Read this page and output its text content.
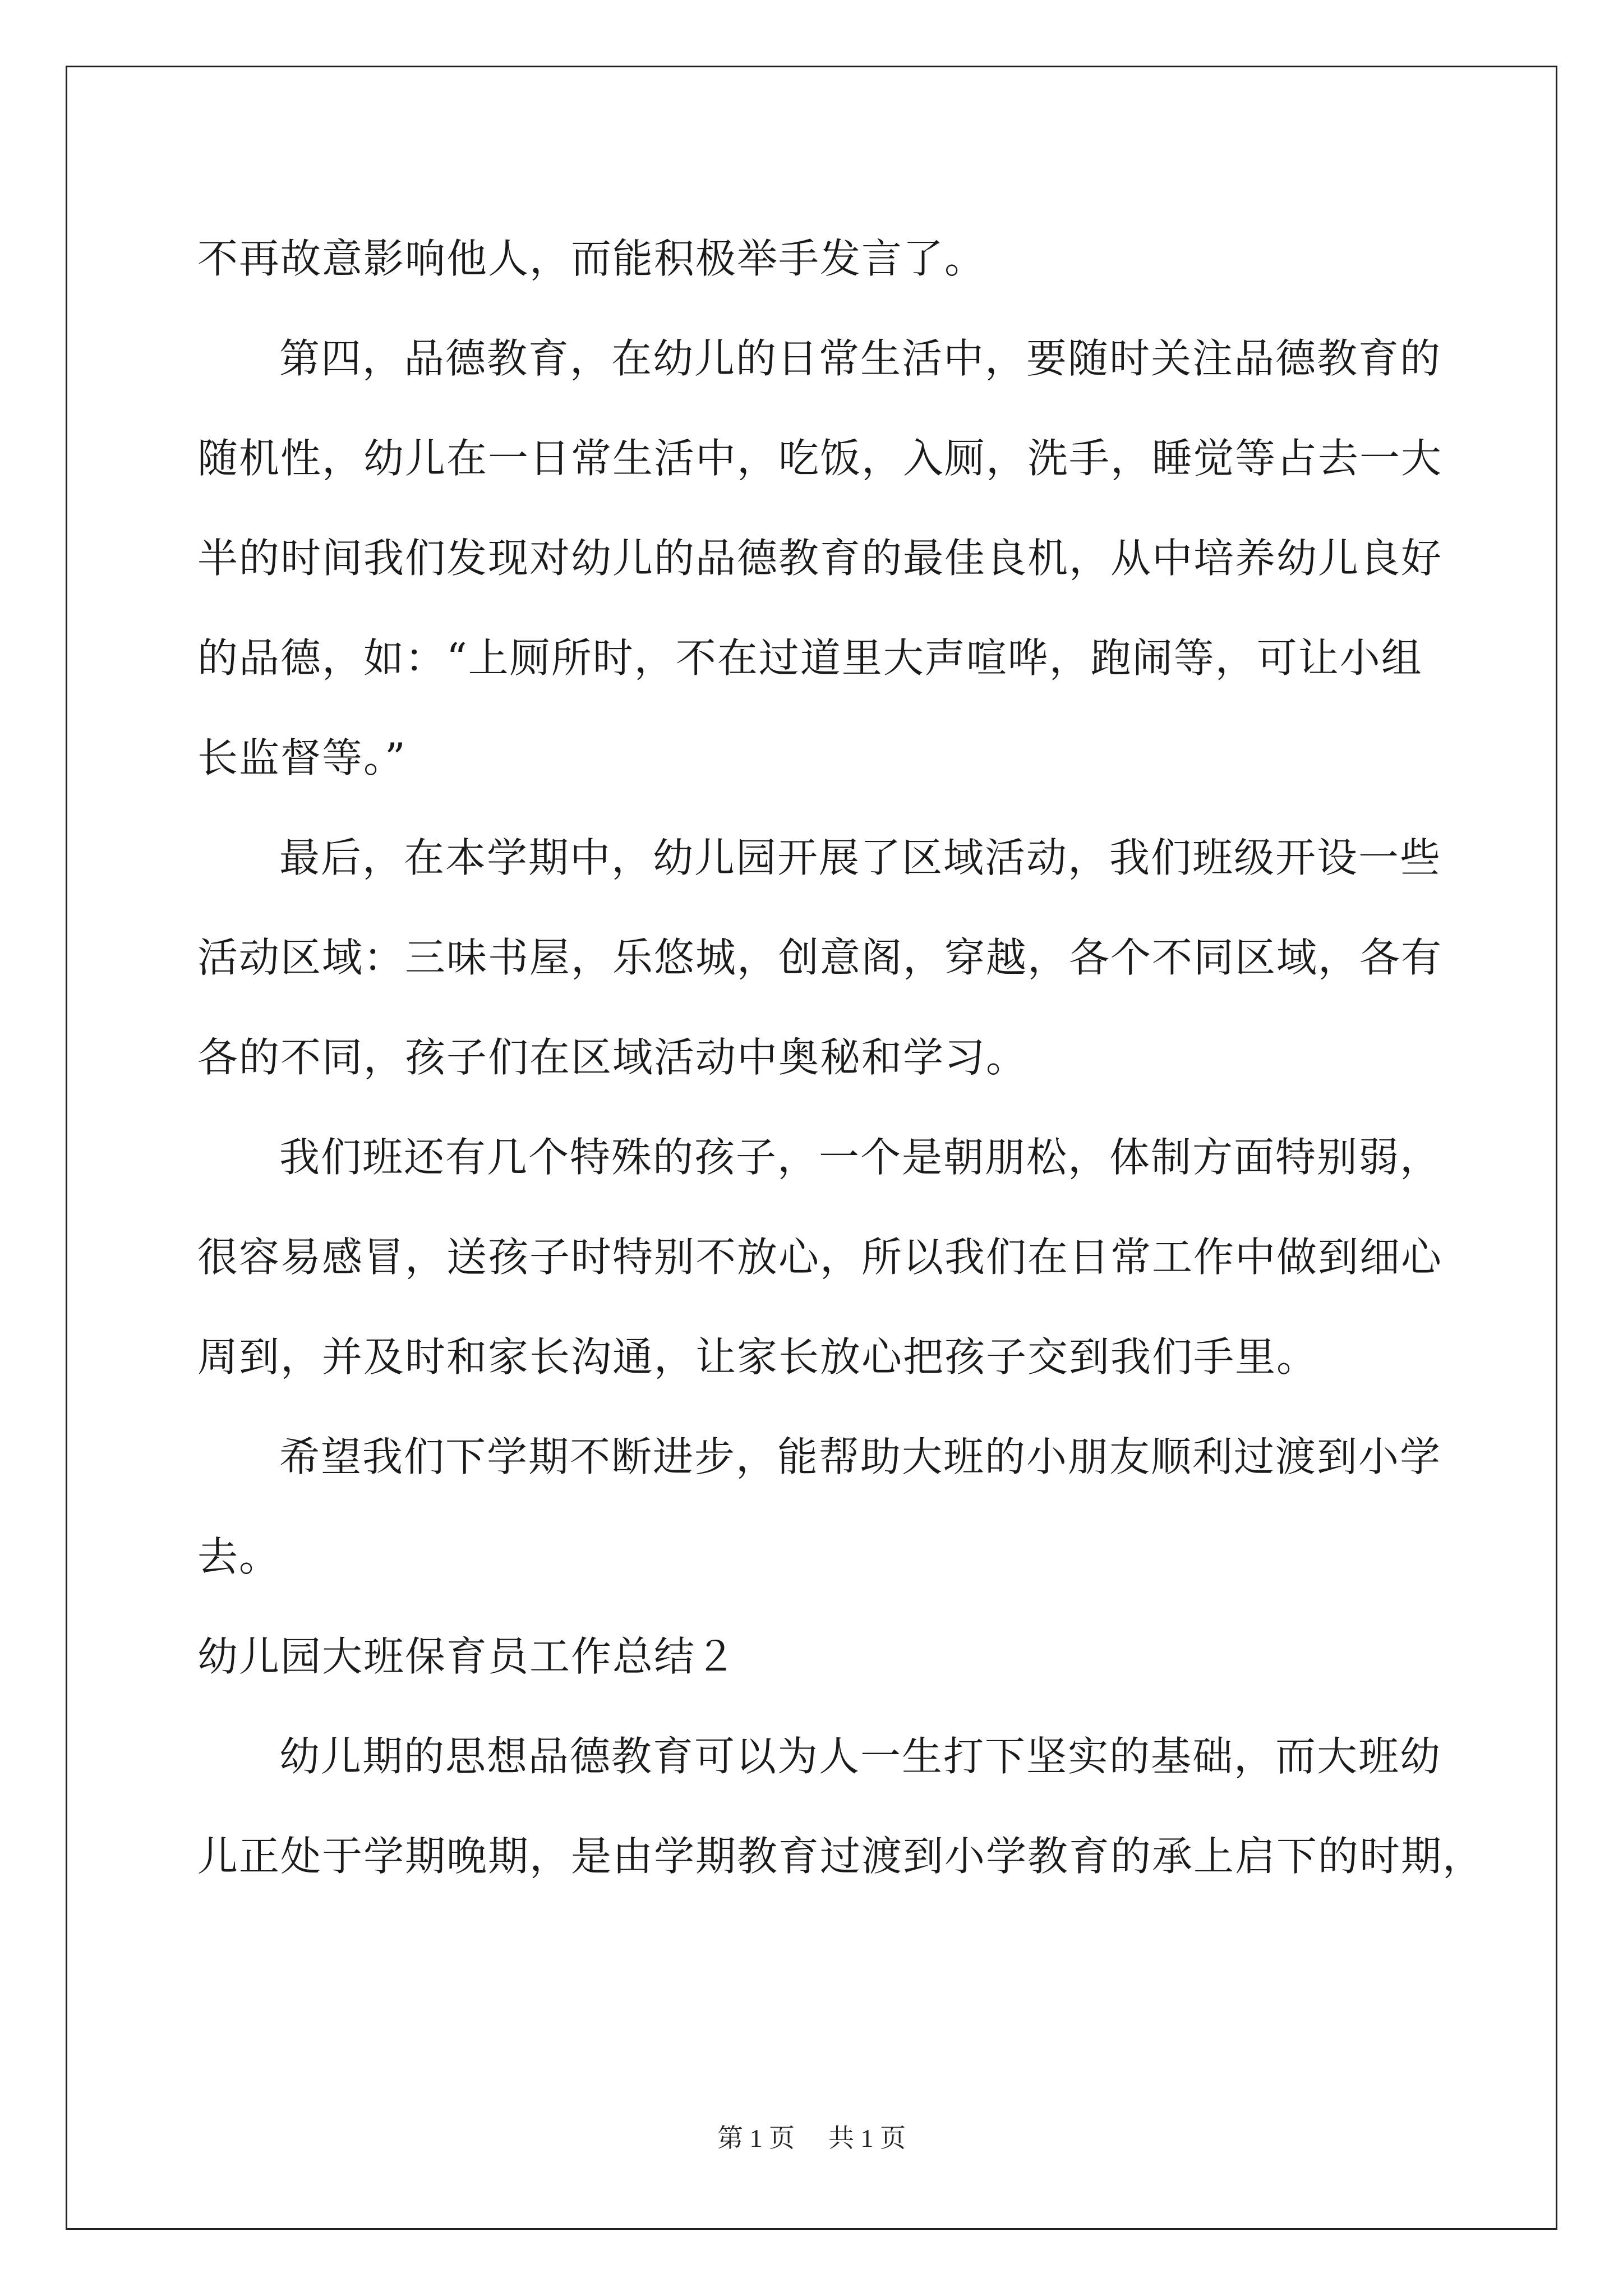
不再故意影响他人，而能积极举手发言了。
第四，品德教育，在幼儿的日常生活中，要随时关注品德教育的
随机性，幼儿在一日常生活中，吃饭，入厕，洗手，睡觉等占去一大
半的时间我们发现对幼儿的品德教育的最佳良机，从中培养幼儿良好
的品德，如：“上厕所时，不在过道里大声喧哗，跑闹等，可让小组
长监督等。”
最后，在本学期中，幼儿园开展了区域活动，我们班级开设一些
活动区域：三味书屋，乐悠城，创意阁，穿越，各个不同区域，各有
各的不同，孩子们在区域活动中奥秘和学习。
我们班还有几个特殊的孩子，一个是朝朋松，体制方面特别弱，
很容易感冒，送孩子时特别不放心，所以我们在日常工作中做到细心
周到，并及时和家长沟通，让家长放心把孩子交到我们手里。
希望我们下学期不断进步，能帮助大班的小朋友顺利过渡到小学
去。
幼儿园大班保育员工作总结２
幼儿期的思想品德教育可以为人一生打下坚实的基础，而大班幼
儿正处于学期晚期，是由学期教育过渡到小学教育的承上启下的时期，
第 1 页 共 1 页
